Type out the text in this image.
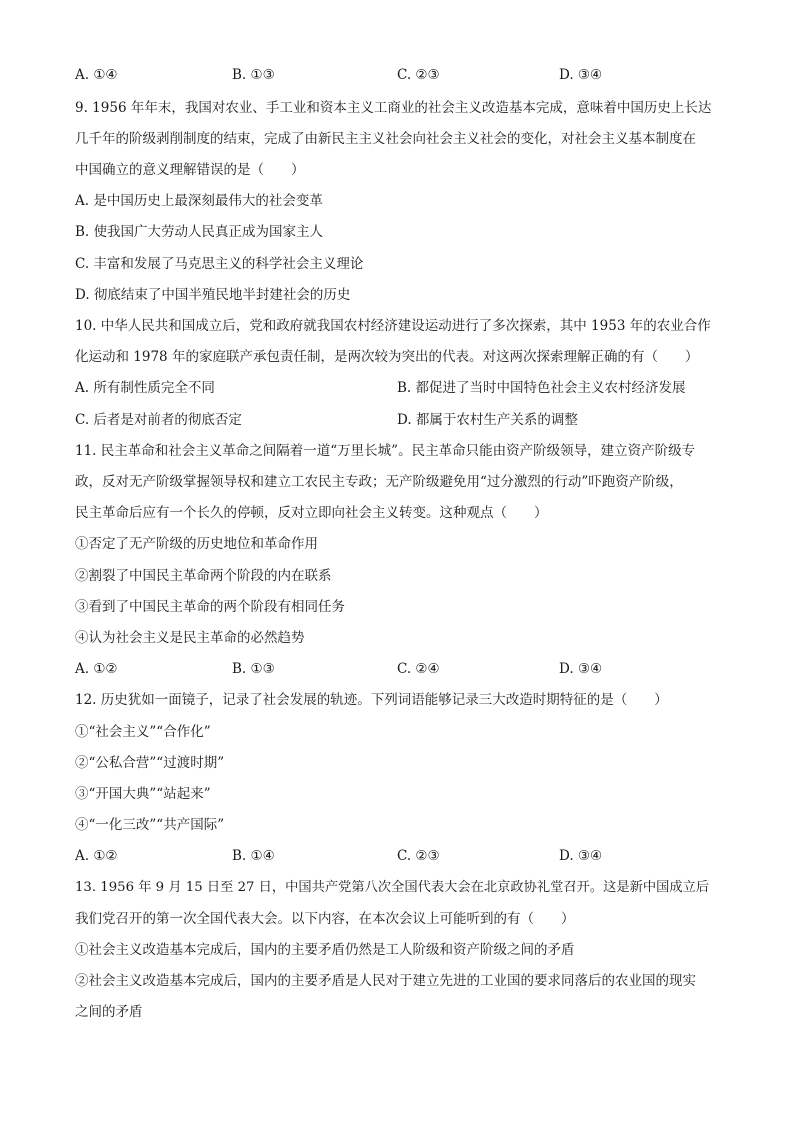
A. ①④	B. ①③	C. ②③	D. ③④
9. 1956 年年末，我国对农业、手工业和资本主义工商业的社会主义改造基本完成，意味着中国历史上长达
几千年的阶级剥削制度的结束，完成了由新民主主义社会向社会主义社会的变化，对社会主义基本制度在
中国确立的意义理解错误的是（　　）
A. 是中国历史上最深刻最伟大的社会变革
B. 使我国广大劳动人民真正成为国家主人
C. 丰富和发展了马克思主义的科学社会主义理论
D. 彻底结束了中国半殖民地半封建社会的历史
10. 中华人民共和国成立后，党和政府就我国农村经济建设运动进行了多次探索，其中 1953 年的农业合作
化运动和 1978 年的家庭联产承包责任制，是两次较为突出的代表。对这两次探索理解正确的有（　　）
A. 所有制性质完全不同	B. 都促进了当时中国特色社会主义农村经济发展
C. 后者是对前者的彻底否定	D. 都属于农村生产关系的调整
11. 民主革命和社会主义革命之间隔着一道“万里长城”。民主革命只能由资产阶级领导，建立资产阶级专
政，反对无产阶级掌握领导权和建立工农民主专政；无产阶级避免用“过分激烈的行动”吓跑资产阶级，
民主革命后应有一个长久的停顿，反对立即向社会主义转变。这种观点（　　）
①否定了无产阶级的历史地位和革命作用
②割裂了中国民主革命两个阶段的内在联系
③看到了中国民主革命的两个阶段有相同任务
④认为社会主义是民主革命的必然趋势
A. ①②	B. ①③	C. ②④	D. ③④
12. 历史犹如一面镜子，记录了社会发展的轨迹。下列词语能够记录三大改造时期特征的是（　　）
①“社会主义”“合作化”
②“公私合营”“过渡时期”
③“开国大典”“站起来”
④“一化三改”“共产国际”
A. ①②	B. ①④	C. ②③	D. ③④
13. 1956 年 9 月 15 日至 27 日，中国共产党第八次全国代表大会在北京政协礼堂召开。这是新中国成立后
我们党召开的第一次全国代表大会。以下内容，在本次会议上可能听到的有（　　）
①社会主义改造基本完成后，国内的主要矛盾仍然是工人阶级和资产阶级之间的矛盾
②社会主义改造基本完成后，国内的主要矛盾是人民对于建立先进的工业国的要求同落后的农业国的现实
之间的矛盾
